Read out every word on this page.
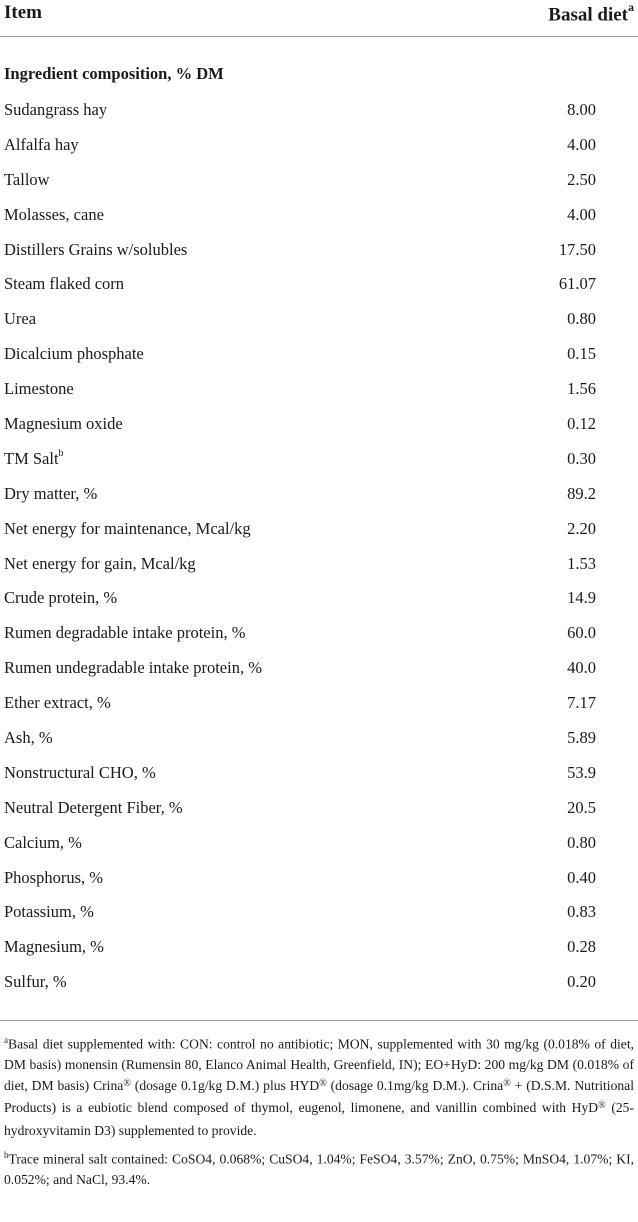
Item	Basal diet$^a$
Ingredient composition, % DM
Sudangrass hay	8.00
Alfalfa hay	4.00
Tallow	2.50
Molasses, cane	4.00
Distillers Grains w/solubles	17.50
Steam flaked corn	61.07
Urea	0.80
Dicalcium phosphate	0.15
Limestone	1.56
Magnesium oxide	0.12
TM Salt$^b$	0.30
Dry matter, %	89.2
Net energy for maintenance, Mcal/kg	2.20
Net energy for gain, Mcal/kg	1.53
Crude protein, %	14.9
Rumen degradable intake protein, %	60.0
Rumen undegradable intake protein, %	40.0
Ether extract, %	7.17
Ash, %	5.89
Nonstructural CHO, %	53.9
Neutral Detergent Fiber, %	20.5
Calcium, %	0.80
Phosphorus, %	0.40
Potassium, %	0.83
Magnesium, %	0.28
Sulfur, %	0.20

$^a$Basal diet supplemented with: CON: control no antibiotic; MON, supplemented with 30 mg/kg (0.018% of diet, DM basis) monensin (Rumensin 80, Elanco Animal Health, Greenfield, IN); EO+HyD: 200 mg/kg DM (0.018% of diet, DM basis) Crina® (dosage 0.1g/kg D.M.) plus HYD® (dosage 0.1mg/kg D.M.). Crina® + (D.S.M. Nutritional Products) is a eubiotic blend composed of thymol, eugenol, limonene, and vanillin combined with HyD® (25-hydroxyvitamin D3) supplemented to provide.

$^b$Trace mineral salt contained: CoSO4, 0.068%; CuSO4, 1.04%; FeSO4, 3.57%; ZnO, 0.75%; MnSO4, 1.07%; KI, 0.052%; and NaCl, 93.4%.
